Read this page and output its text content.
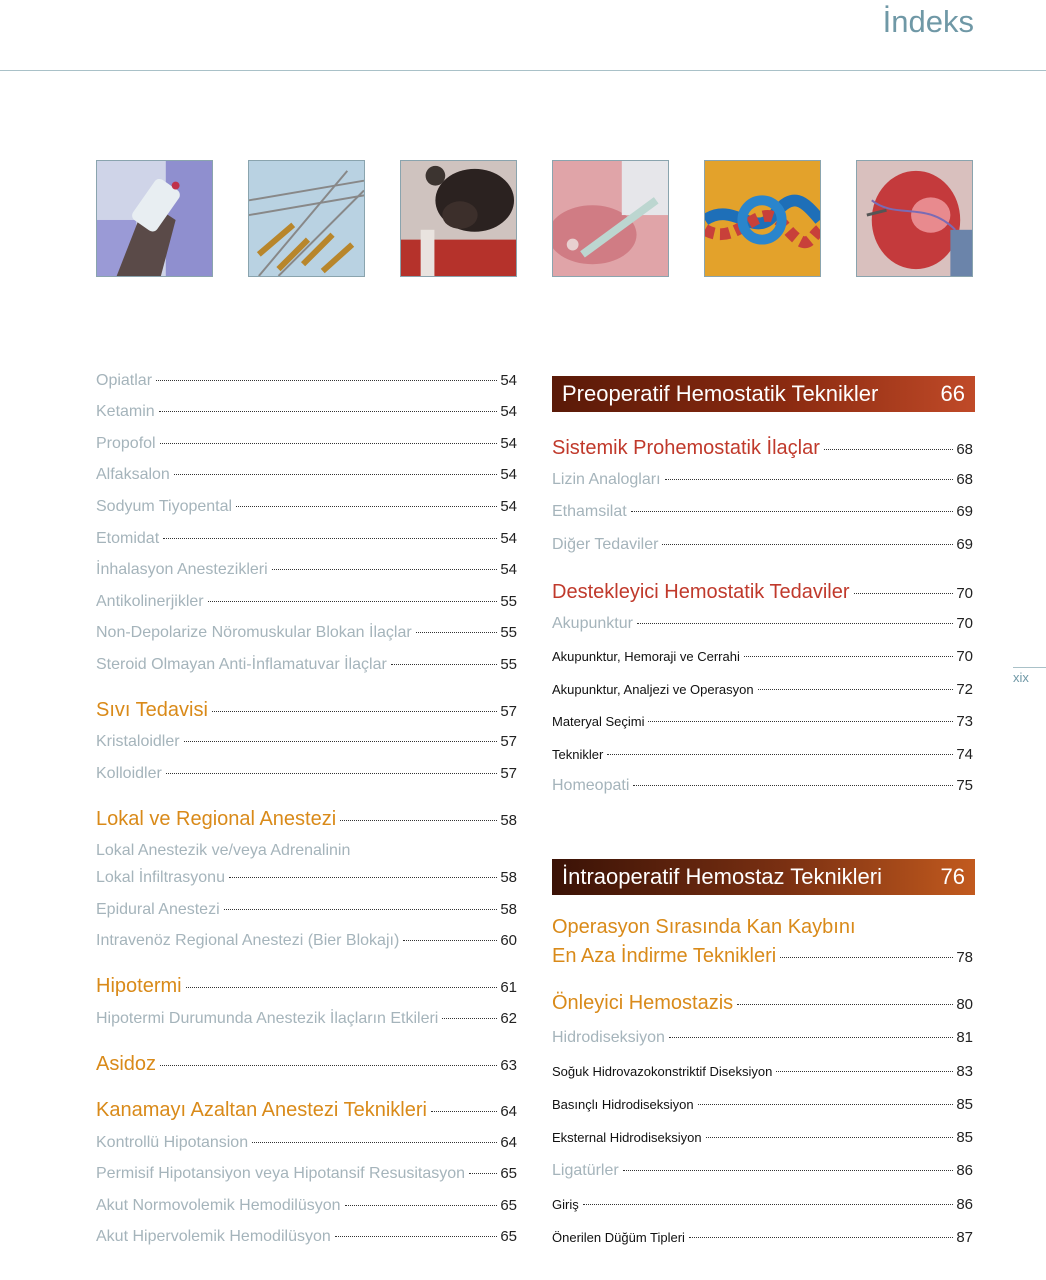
İndeks
Opiatlar	54
Ketamin	54
Propofol	54
Alfaksalon	54
Sodyum Tiyopental	54
Etomidat	54
İnhalasyon Anestezikleri	54
Antikolinerjikler	55
Non-Depolarize Nöromuskular Blokan İlaçlar	55
Steroid Olmayan Anti-İnflamatuvar İlaçlar	55
Sıvı Tedavisi	57
Kristaloidler	57
Kolloidler	57
Lokal ve Regional Anestezi	58
Lokal Anestezik ve/veya Adrenalinin
Lokal İnfiltrasyonu	58
Epidural Anestezi	58
Intravenöz Regional Anestezi (Bier Blokajı)	60
Hipotermi	61
Hipotermi Durumunda Anestezik İlaçların Etkileri	62
Asidoz	63
Kanamayı Azaltan Anestezi Teknikleri	64
Kontrollü Hipotansion	64
Permisif Hipotansiyon veya Hipotansif Resusitasyon 65
Akut Normovolemik Hemodilüsyon	65
Akut Hipervolemik Hemodilüsyon	65
Preoperatif Hemostatik Teknikler	66
Sistemik Prohemostatik İlaçlar	68
Lizin Analogları	68
Ethamsilat	69
Diğer Tedaviler	69
Destekleyici Hemostatik Tedaviler	70
Akupunktur	70
Akupunktur, Hemoraji ve Cerrahi	70
Akupunktur, Analjezi ve Operasyon	72
Materyal Seçimi	73
Teknikler	74
Homeopati	75
İntraoperatif Hemostaz Teknikleri	76
Operasyon Sırasında Kan Kaybını
En Aza İndirme Teknikleri	78
Önleyici Hemostazis	80
Hidrodiseksiyon	81
Soğuk Hidrovazokonstriktif Diseksiyon	83
Basınçlı Hidrodiseksiyon	85
Eksternal Hidrodiseksiyon	85
Ligatürler	86
Giriş	86
Önerilen Düğüm Tipleri	87
xix
